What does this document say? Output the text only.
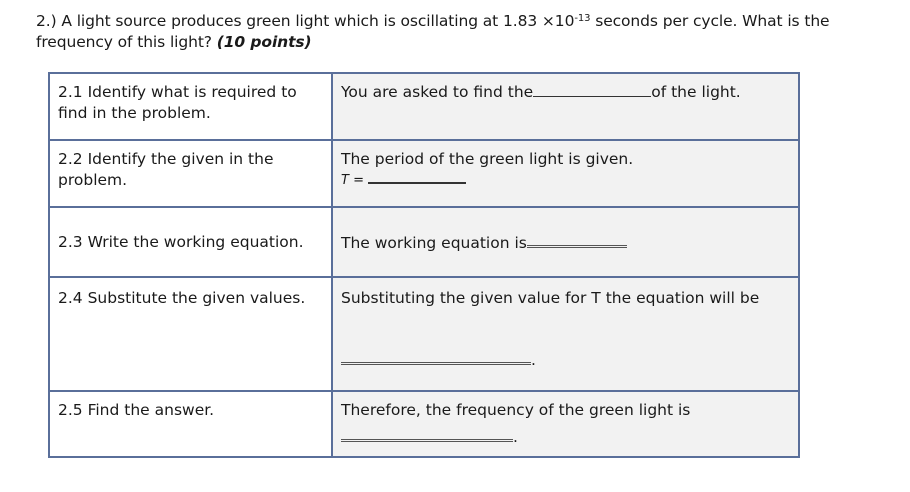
2.) A light source produces green light which is oscillating at $1.83 \times 10^{-13}$ seconds per cycle. What is the frequency of this light? (10 points)
2.1 Identify what is required to find in the problem.	You are asked to find the of the light.
2.2 Identify the given in the problem.	The period of the green light is given.
T =

2.3 Write the working equation.	The working equation is
2.4 Substitute the given values.	Substituting the given value for T the equation will be
.

2.5 Find the answer.	Therefore, the frequency of the green light is
.
